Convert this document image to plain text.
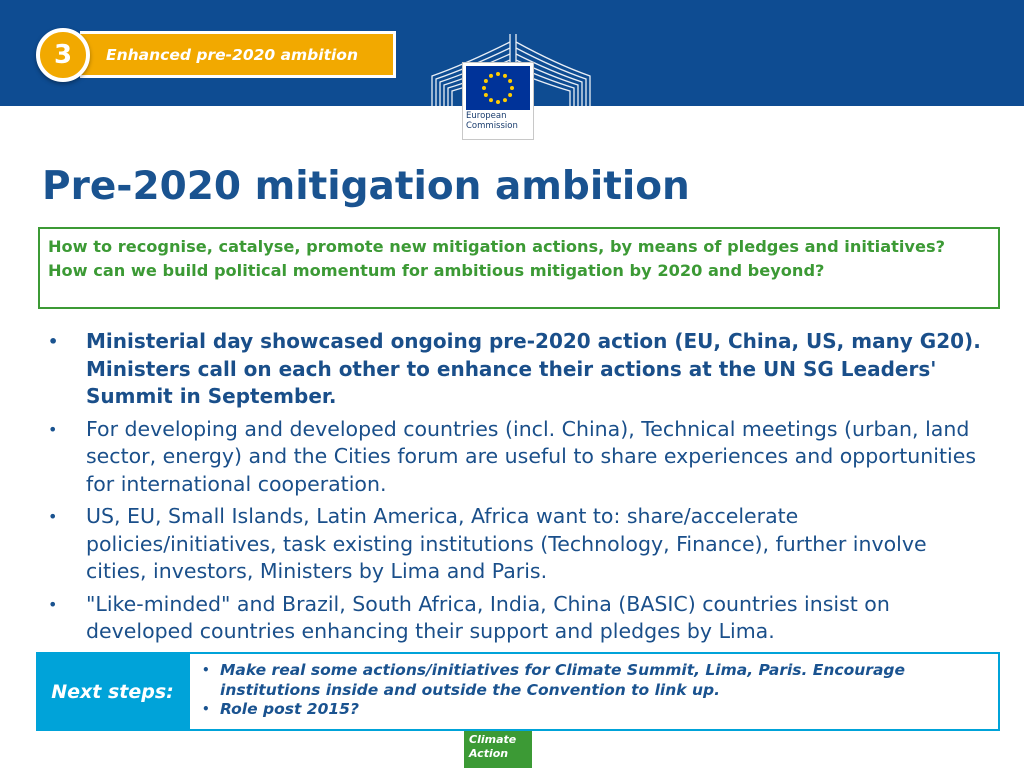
Enhanced pre-2020 ambition
3
European
Commission
Pre-2020 mitigation ambition

How to recognise, catalyse, promote new mitigation actions, by means of pledges and initiatives? How can we build political momentum for ambitious mitigation by 2020 and beyond?

• Ministerial day showcased ongoing pre-2020 action (EU, China, US, many G20). Ministers call on each other to enhance their actions at the UN SG Leaders' Summit in September.
• For developing and developed countries (incl. China), Technical meetings (urban, land sector, energy) and the Cities forum are useful to share experiences and opportunities for international cooperation.
• US, EU, Small Islands, Latin America, Africa want to: share/accelerate policies/initiatives, task existing institutions (Technology, Finance), further involve cities, investors, Ministers by Lima and Paris.
• "Like-minded" and Brazil, South Africa, India, China (BASIC) countries insist on developed countries enhancing their support and pledges by Lima.
Next steps:
• Make real some actions/initiatives for Climate Summit, Lima, Paris. Encourage institutions inside and outside the Convention to link up.
• Role post 2015?
Climate
Action
